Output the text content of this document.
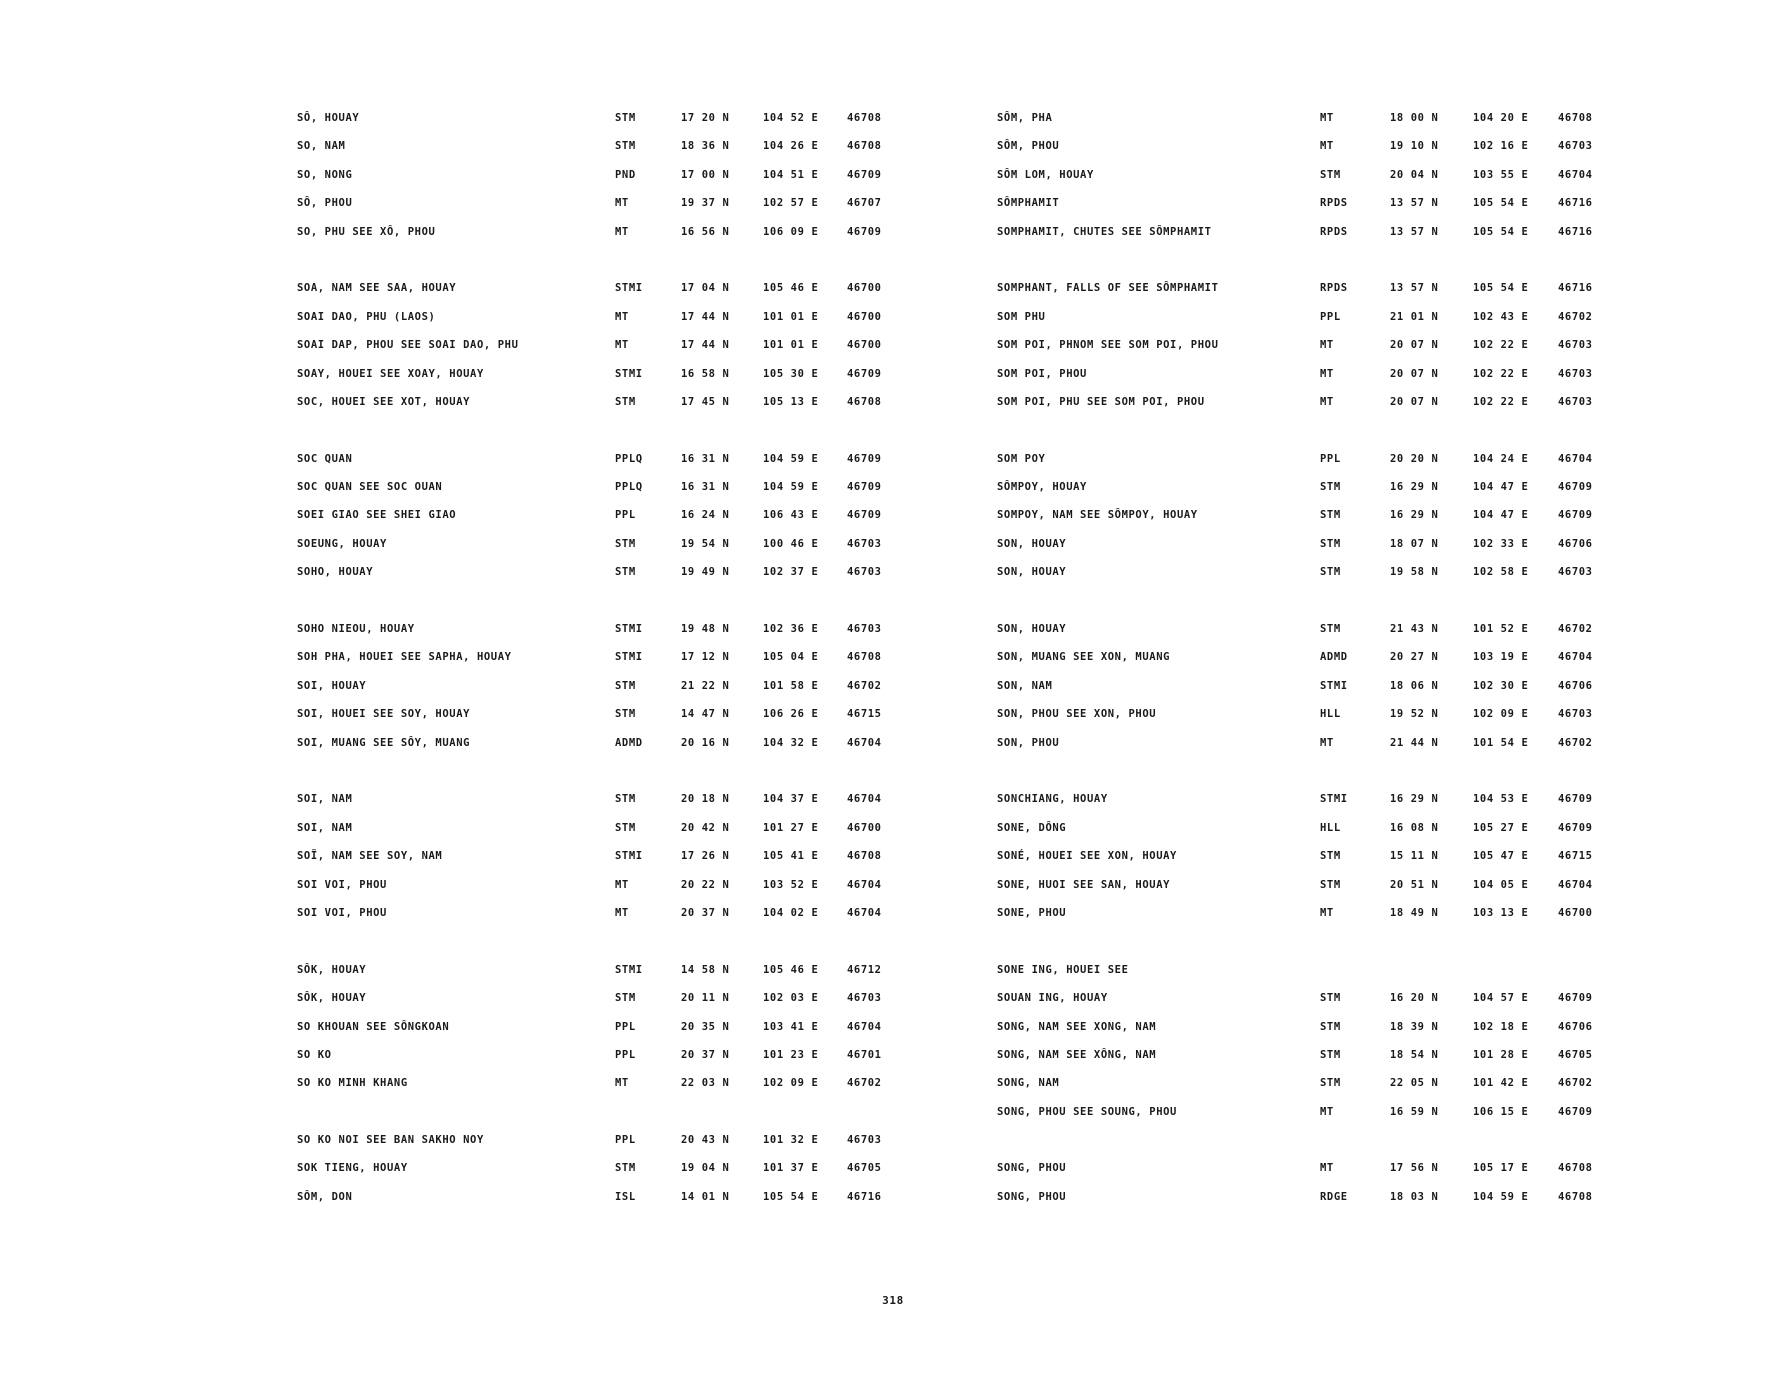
SÔ, HOUAY	STM	17 20 N	104 52 E	46708
SO, NAM	STM	18 36 N	104 26 E	46708
SO, NONG	PND	17 00 N	104 51 E	46709
SÔ, PHOU	MT	19 37 N	102 57 E	46707
SO, PHU SEE XÔ, PHOU	MT	16 56 N	106 09 E	46709
SOA, NAM SEE SAA, HOUAY	STMI	17 04 N	105 46 E	46700
SOAI DAO, PHU (LAOS)	MT	17 44 N	101 01 E	46700
SOAI DAP, PHOU SEE SOAI DAO, PHU	MT	17 44 N	101 01 E	46700
SOAY, HOUEI SEE XOAY, HOUAY	STMI	16 58 N	105 30 E	46709
SOC, HOUEI SEE XOT, HOUAY	STM	17 45 N	105 13 E	46708
SOC QUAN	PPLQ	16 31 N	104 59 E	46709
SOC QUAN SEE SOC OUAN	PPLQ	16 31 N	104 59 E	46709
SOEI GIAO SEE SHEI GIAO	PPL	16 24 N	106 43 E	46709
SOEUNG, HOUAY	STM	19 54 N	100 46 E	46703
SOHO, HOUAY	STM	19 49 N	102 37 E	46703
SOHO NIEOU, HOUAY	STMI	19 48 N	102 36 E	46703
SOH PHA, HOUEI SEE SAPHA, HOUAY	STMI	17 12 N	105 04 E	46708
SOI, HOUAY	STM	21 22 N	101 58 E	46702
SOI, HOUEI SEE SOY, HOUAY	STM	14 47 N	106 26 E	46715
SOI, MUANG SEE SÔY, MUANG	ADMD	20 16 N	104 32 E	46704
SOI, NAM	STM	20 18 N	104 37 E	46704
SOI, NAM	STM	20 42 N	101 27 E	46700
SOÏ, NAM SEE SOY, NAM	STMI	17 26 N	105 41 E	46708
SOI VOI, PHOU	MT	20 22 N	103 52 E	46704
SOI VOI, PHOU	MT	20 37 N	104 02 E	46704
SÔK, HOUAY	STMI	14 58 N	105 46 E	46712
SÔK, HOUAY	STM	20 11 N	102 03 E	46703
SO KHOUAN SEE SÔNGKOAN	PPL	20 35 N	103 41 E	46704
SO KO	PPL	20 37 N	101 23 E	46701
SO KO MINH KHANG	MT	22 03 N	102 09 E	46702
SO KO NOI SEE BAN SAKHO NOY	PPL	20 43 N	101 32 E	46703
SOK TIENG, HOUAY	STM	19 04 N	101 37 E	46705
SÔM, DON	ISL	14 01 N	105 54 E	46716
SÔM, PHA	MT	18 00 N	104 20 E	46708
SÔM, PHOU	MT	19 10 N	102 16 E	46703
SÔM LOM, HOUAY	STM	20 04 N	103 55 E	46704
SÔMPHAMIT	RPDS	13 57 N	105 54 E	46716
SOMPHAMIT, CHUTES SEE SÔMPHAMIT	RPDS	13 57 N	105 54 E	46716
SOMPHANT, FALLS OF SEE SÔMPHAMIT	RPDS	13 57 N	105 54 E	46716
SOM PHU	PPL	21 01 N	102 43 E	46702
SOM POI, PHNOM SEE SOM POI, PHOU	MT	20 07 N	102 22 E	46703
SOM POI, PHOU	MT	20 07 N	102 22 E	46703
SOM POI, PHU SEE SOM POI, PHOU	MT	20 07 N	102 22 E	46703
SOM POY	PPL	20 20 N	104 24 E	46704
SÔMPOY, HOUAY	STM	16 29 N	104 47 E	46709
SOMPOY, NAM SEE SÔMPOY, HOUAY	STM	16 29 N	104 47 E	46709
SON, HOUAY	STM	18 07 N	102 33 E	46706
SON, HOUAY	STM	19 58 N	102 58 E	46703
SON, HOUAY	STM	21 43 N	101 52 E	46702
SON, MUANG SEE XON, MUANG	ADMD	20 27 N	103 19 E	46704
SON, NAM	STMI	18 06 N	102 30 E	46706
SON, PHOU SEE XON, PHOU	HLL	19 52 N	102 09 E	46703
SON, PHOU	MT	21 44 N	101 54 E	46702
SONCHIANG, HOUAY	STMI	16 29 N	104 53 E	46709
SONE, DÔNG	HLL	16 08 N	105 27 E	46709
SONÉ, HOUEI SEE XON, HOUAY	STM	15 11 N	105 47 E	46715
SONE, HUOI SEE SAN, HOUAY	STM	20 51 N	104 05 E	46704
SONE, PHOU	MT	18 49 N	103 13 E	46700
SONE ING, HOUEI SEE
SOUAN ING, HOUAY	STM	16 20 N	104 57 E	46709
SONG, NAM SEE XONG, NAM	STM	18 39 N	102 18 E	46706
SONG, NAM SEE XÔNG, NAM	STM	18 54 N	101 28 E	46705
SONG, NAM	STM	22 05 N	101 42 E	46702
SONG, PHOU SEE SOUNG, PHOU	MT	16 59 N	106 15 E	46709
SONG, PHOU	MT	17 56 N	105 17 E	46708
SONG, PHOU	RDGE	18 03 N	104 59 E	46708
318
